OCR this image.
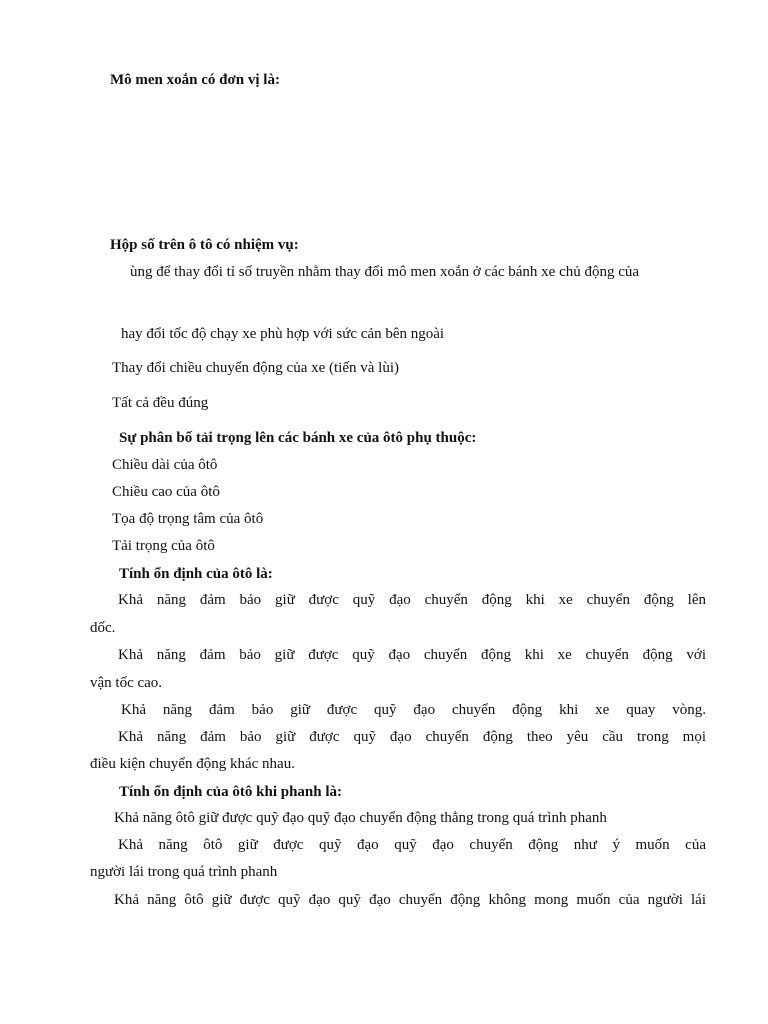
Mô men xoắn có đơn vị là:
Hộp số trên ô tô có nhiệm vụ:
ùng để thay đổi tỉ số truyền nhằm thay đổi mô men xoắn ở các bánh xe chủ động của
hay đổi tốc độ chạy xe phù hợp với sức cản bên ngoài
Thay đổi chiều chuyển động của xe (tiến và lùi)
Tất cả đều đúng
Sự phân bố tải trọng lên các bánh xe của ôtô phụ thuộc:
Chiều dài của ôtô
Chiều cao của ôtô
Tọa độ trọng tâm của ôtô
Tải trọng của ôtô
Tính ổn định của ôtô là:
Khả năng đảm bảo giữ được quỹ đạo chuyển động khi xe chuyển động lên
dốc.
Khả năng đảm bảo giữ được quỹ đạo chuyển động khi xe chuyển động với
vận tốc cao.
Khả năng đảm bảo giữ được quỹ đạo chuyển động khi xe quay vòng.
Khả năng đảm bảo giữ được quỹ đạo chuyển động theo yêu cầu trong mọi
điều kiện chuyển động khác nhau.
Tính ổn định của ôtô khi phanh là:
Khả năng ôtô giữ được quỹ đạo quỹ đạo chuyển động thẳng trong quá trình phanh
Khả năng ôtô giữ được quỹ đạo quỹ đạo chuyển động như ý muốn của
người lái trong quá trình phanh
Khả năng ôtô giữ được quỹ đạo quỹ đạo chuyển động không mong muốn của người lái
